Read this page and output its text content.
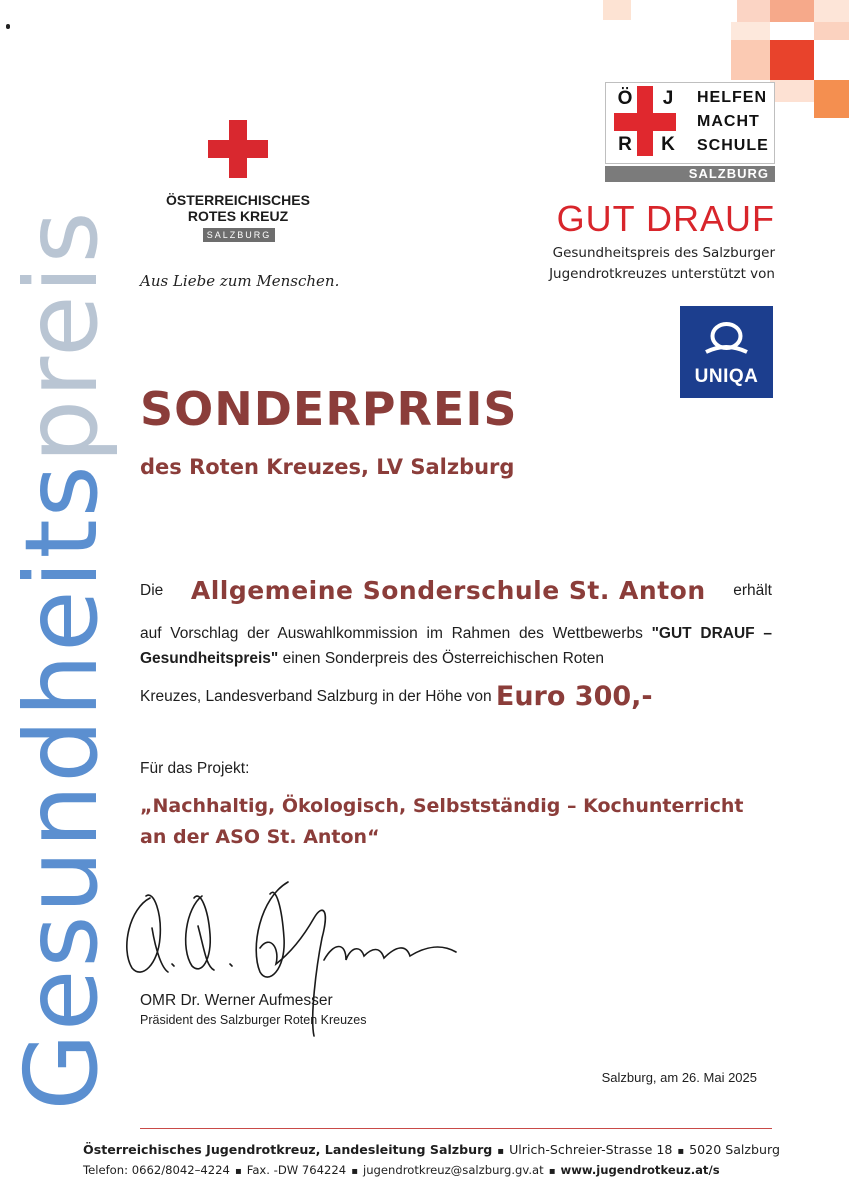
Gesundheitspreis
ÖSTERREICHISCHES
ROTES KREUZ
SALZBURG
Aus Liebe zum Menschen.
Ö	J
R K
HELFEN
MACHT
SCHULE
SALZBURG
GUT DRAUF
Gesundheitspreis des Salzburger
Jugendrotkreuzes unterstützt von
UNIQA
SONDERPREIS
des Roten Kreuzes, LV Salzburg
Die Allgemeine Sonderschule St. Anton erhält
auf Vorschlag der Auswahlkommission im Rahmen des Wettbewerbs "GUT DRAUF – Gesundheitspreis" einen Sonderpreis des Österreichischen Roten
Kreuzes, Landesverband Salzburg in der Höhe von Euro 300,-
Für das Projekt:
„Nachhaltig, Ökologisch, Selbstständig – Kochunterricht
an der ASO St. Anton“
OMR Dr. Werner Aufmesser
Präsident des Salzburger Roten Kreuzes
Salzburg, am 26. Mai 2025
Österreichisches Jugendrotkreuz, Landesleitung Salzburg ▪ Ulrich-Schreier-Strasse 18 ▪ 5020 Salzburg
Telefon: 0662/8042–4224 ▪ Fax. -DW 764224 ▪ jugendrotkreuz@salzburg.gv.at ▪ www.jugendrotkeuz.at/s
